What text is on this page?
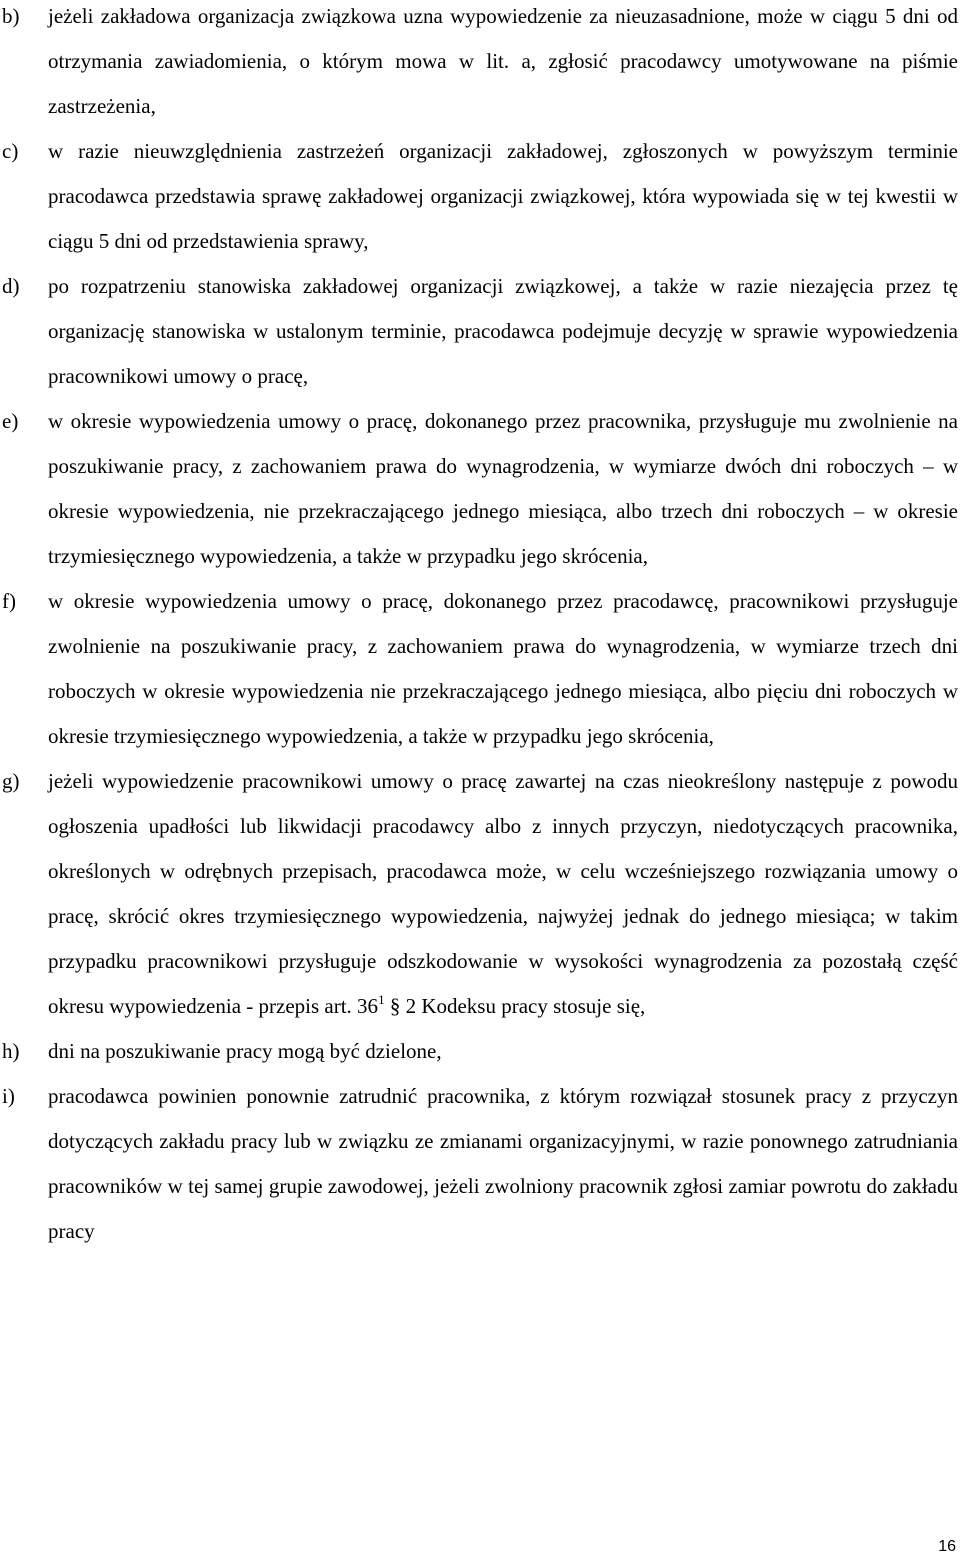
b) jeżeli zakładowa organizacja związkowa uzna wypowiedzenie za nieuzasadnione, może w ciągu 5 dni od otrzymania zawiadomienia, o którym mowa w lit. a, zgłosić pracodawcy umotywowane na piśmie zastrzeżenia,
c) w razie nieuwzględnienia zastrzeżeń organizacji zakładowej, zgłoszonych w powyższym terminie pracodawca przedstawia sprawę zakładowej organizacji związkowej, która wypowiada się w tej kwestii w ciągu 5 dni od przedstawienia sprawy,
d) po rozpatrzeniu stanowiska zakładowej organizacji związkowej, a także w razie niezajęcia przez tę organizację stanowiska w ustalonym terminie, pracodawca podejmuje decyzję w sprawie wypowiedzenia pracownikowi umowy o pracę,
e) w okresie wypowiedzenia umowy o pracę, dokonanego przez pracownika, przysługuje mu zwolnienie na poszukiwanie pracy, z zachowaniem prawa do wynagrodzenia, w wymiarze dwóch dni roboczych – w okresie wypowiedzenia, nie przekraczającego jednego miesiąca, albo trzech dni roboczych – w okresie trzymiesięcznego wypowiedzenia, a także w przypadku jego skrócenia,
f) w okresie wypowiedzenia umowy o pracę, dokonanego przez pracodawcę, pracownikowi przysługuje zwolnienie na poszukiwanie pracy, z zachowaniem prawa do wynagrodzenia, w wymiarze trzech dni roboczych w okresie wypowiedzenia nie przekraczającego jednego miesiąca, albo pięciu dni roboczych w okresie trzymiesięcznego wypowiedzenia, a także w przypadku jego skrócenia,
g) jeżeli wypowiedzenie pracownikowi umowy o pracę zawartej na czas nieokreślony następuje z powodu ogłoszenia upadłości lub likwidacji pracodawcy albo z innych przyczyn, niedotyczących pracownika, określonych w odrębnych przepisach, pracodawca może, w celu wcześniejszego rozwiązania umowy o pracę, skrócić okres trzymiesięcznego wypowiedzenia, najwyżej jednak do jednego miesiąca; w takim przypadku pracownikowi przysługuje odszkodowanie w wysokości wynagrodzenia za pozostałą część okresu wypowiedzenia - przepis art. $36^1$ § 2 Kodeksu pracy stosuje się,
h) dni na poszukiwanie pracy mogą być dzielone,
i) pracodawca powinien ponownie zatrudnić pracownika, z którym rozwiązał stosunek pracy z przyczyn dotyczących zakładu pracy lub w związku ze zmianami organizacyjnymi, w razie ponownego zatrudniania pracowników w tej samej grupie zawodowej, jeżeli zwolniony pracownik zgłosi zamiar powrotu do zakładu pracy
16
